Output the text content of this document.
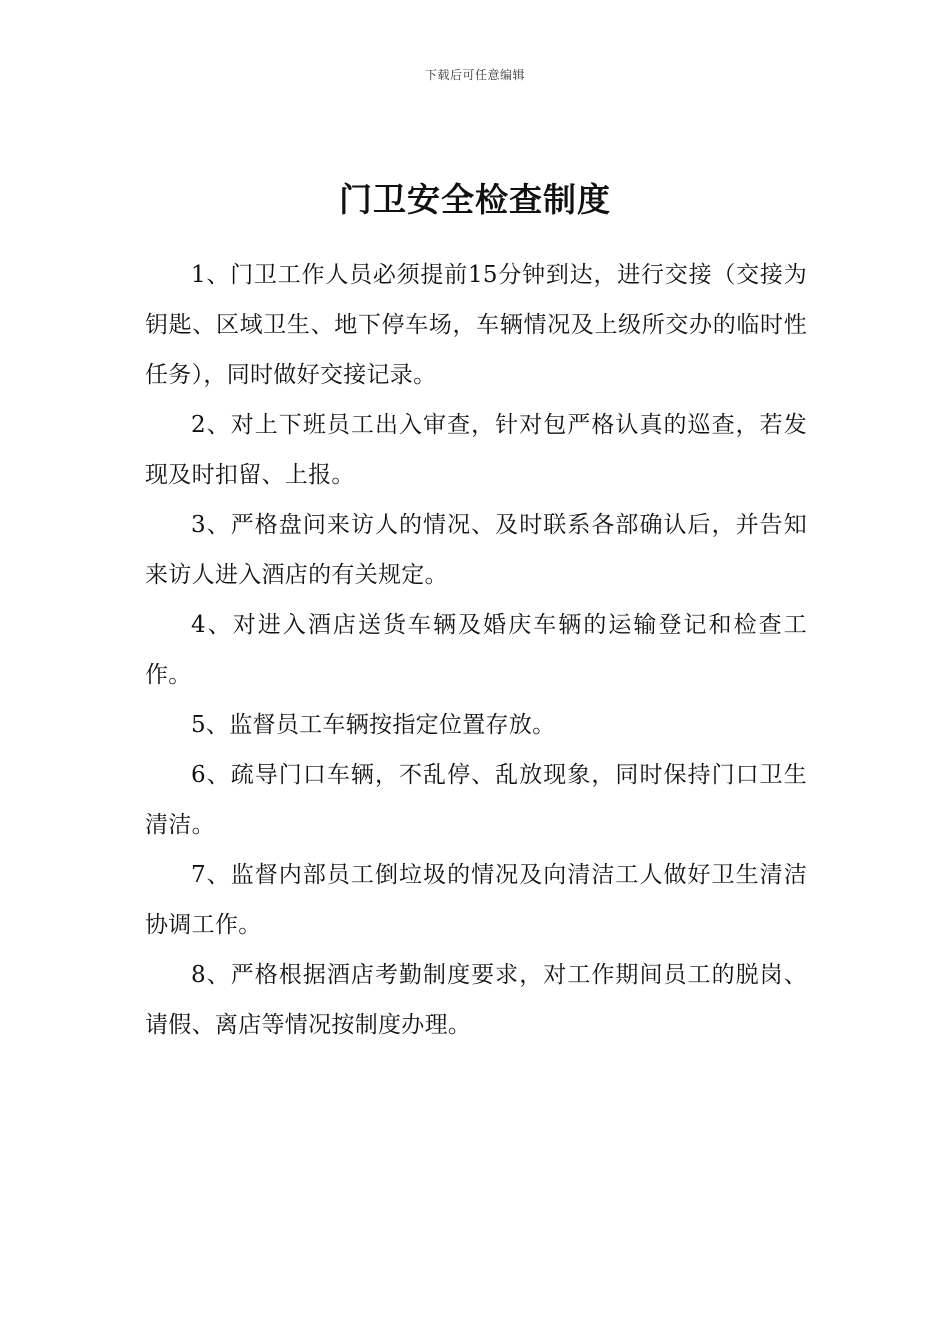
下载后可任意编辑
门卫安全检查制度

1、门卫工作人员必须提前15分钟到达，进行交接（交接为钥匙、区域卫生、地下停车场，车辆情况及上级所交办的临时性任务），同时做好交接记录。

2、对上下班员工出入审查，针对包严格认真的巡查，若发现及时扣留、上报。

3、严格盘问来访人的情况、及时联系各部确认后，并告知来访人进入酒店的有关规定。

4、对进入酒店送货车辆及婚庆车辆的运输登记和检查工作。

5、监督员工车辆按指定位置存放。

6、疏导门口车辆，不乱停、乱放现象，同时保持门口卫生清洁。

7、监督内部员工倒垃圾的情况及向清洁工人做好卫生清洁协调工作。

8、严格根据酒店考勤制度要求，对工作期间员工的脱岗、请假、离店等情况按制度办理。
